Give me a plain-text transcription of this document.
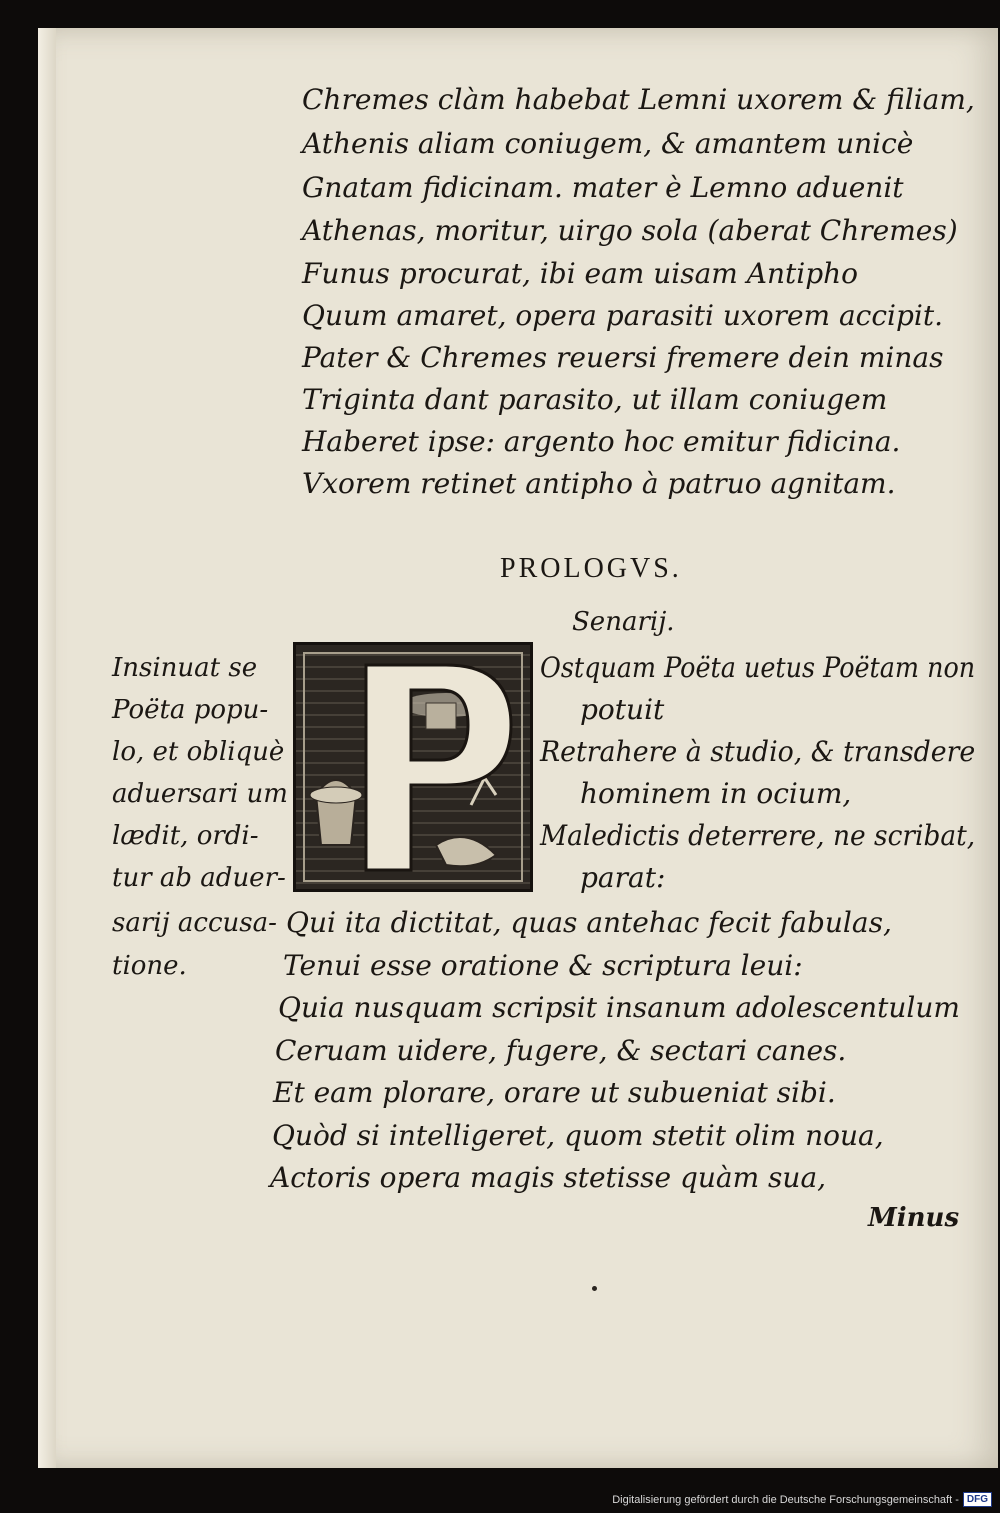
Chremes clàm habebat Lemni uxorem & filiam,
Athenis aliam coniugem, & amantem unicè
Gnatam fidicinam. mater è Lemno aduenit
Athenas, moritur, uirgo sola (aberat Chremes)
Funus procurat, ibi eam uisam Antipho
Quum amaret, opera parasiti uxorem accipit.
Pater & Chremes reuersi fremere dein minas
Triginta dant parasito, ut illam coniugem
Haberet ipse: argento hoc emitur fidicina.
Vxorem retinet antipho à patruo agnitam.
PROLOGVS.
Senarij.
Insinuat se
Poëta popu-
lo, et obliquè
aduersari um
lædit, ordi-
tur ab aduer-
sarij accusa-
tione.
Ostquam Poëta uetus Poëtam non
potuit
Retrahere à studio, & transdere
hominem in ocium,
Maledictis deterrere, ne scribat,
parat:
Qui ita dictitat, quas antehac fecit fabulas,
Tenui esse oratione & scriptura leui:
Quia nusquam scripsit insanum adolescentulum
Ceruam uidere, fugere, & sectari canes.
Et eam plorare, orare ut subueniat sibi.
Quòd si intelligeret, quom stetit olim noua,
Actoris opera magis stetisse quàm sua,
Minus
Digitalisierung gefördert durch die Deutsche Forschungsgemeinschaft - DFG
